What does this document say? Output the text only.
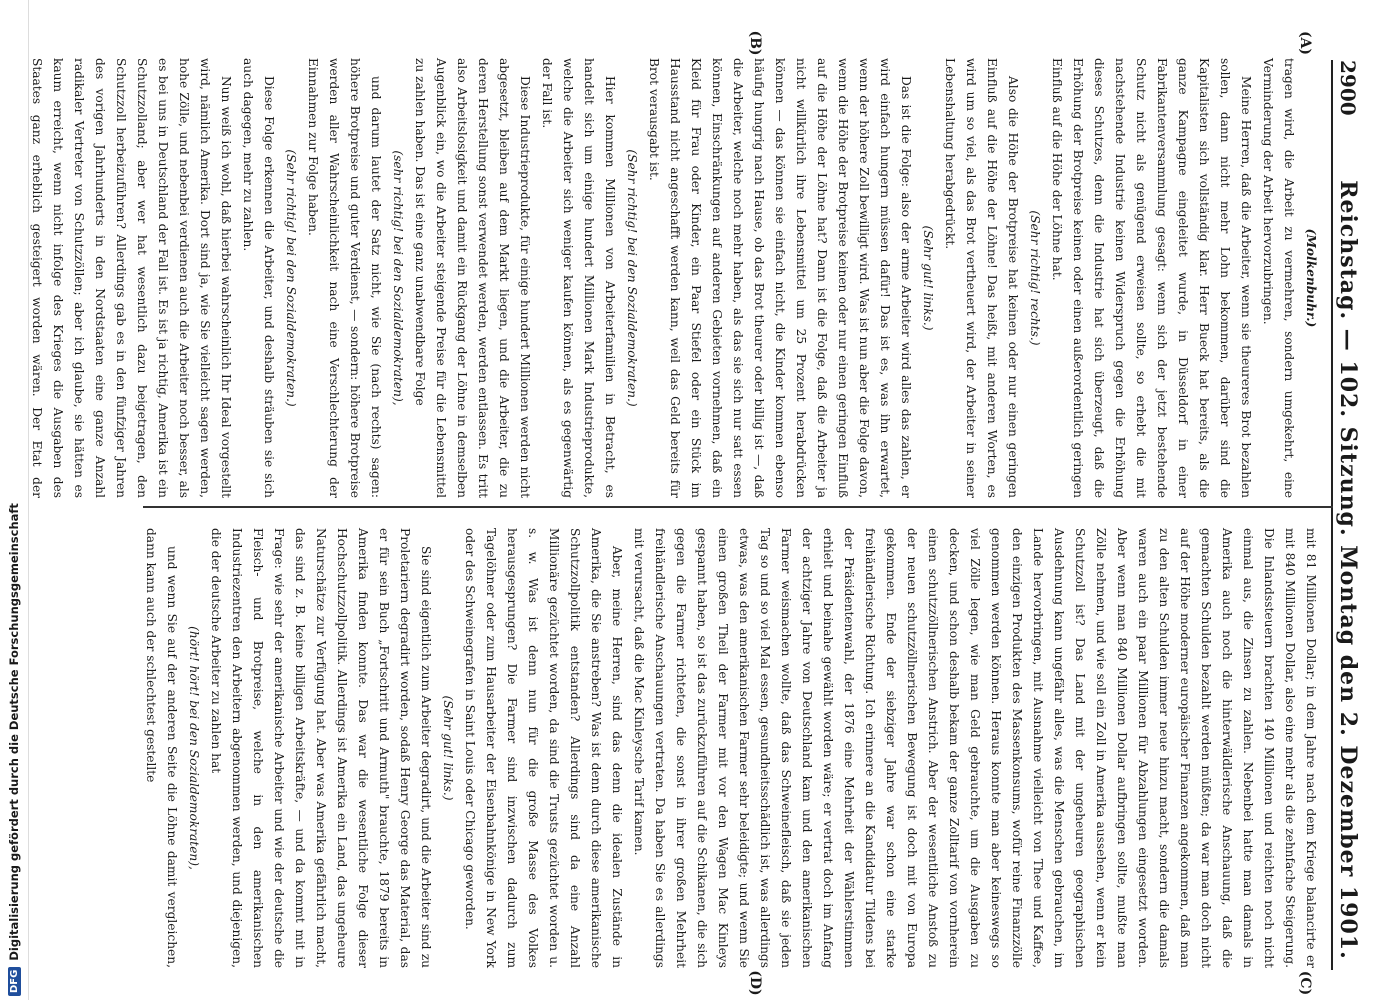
2900
Reichstag. — 102. Sitzung. Montag den 2. Dezember 1901.
(A)
(B)
(C)
(D)

(Molkenbuhr.)

tragen wird, die Arbeit zu vermehren, sondern umgekehrt, eine Verminderung der Arbeit hervorzubringen.

Meine Herren, daß die Arbeiter, wenn sie theureres Brot bezahlen sollen, dann nicht mehr Lohn bekommen, darüber sind die Kapitalisten sich vollständig klar. Herr Bueck hat bereits, als die ganze Kampagne eingeleitet wurde, in Düsseldorf in einer Fabrikantenversammlung gesagt: wenn sich der jetzt bestehende Schutz nicht als genügend erweisen sollte, so erhebt die mit nachstehende Industrie keinen Widerspruch gegen die Erhöhung dieses Schutzes, denn die Industrie hat sich überzeugt, daß die Erhöhung der Brotpreise keinen oder einen außerordentlich geringen Einfluß auf die Höhe der Löhne hat.

(Sehr richtig! rechts.)

Also die Höhe der Brotpreise hat keinen oder nur einen geringen Einfluß auf die Höhe der Löhne! Das heißt, mit anderen Worten, es wird um so viel, als das Brot vertheuert wird, der Arbeiter in seiner Lebenshaltung herabgedrückt.

(Sehr gut! links.)

Das ist die Folge: also der arme Arbeiter wird alles das zahlen, er wird einfach hungern müssen dafür! Das ist es, was ihn erwartet, wenn der höhere Zoll bewilligt wird. Was ist nun aber die Folge davon, wenn die Höhe der Brotpreise keinen oder nur einen geringen Einfluß auf die Höhe der Löhne hat? Dann ist die Folge, daß die Arbeiter ja nicht willkürlich ihre Lebensmittel um 25 Prozent herabdrücken können — das können sie einfach nicht, die Kinder kommen ebenso häufig hungrig nach Hause, ob das Brot theurer oder billig ist —, daß die Arbeiter, welche noch mehr haben, als das sie sich nur satt essen können, Einschränkungen auf anderen Gebieten vornehmen, daß ein Kleid für Frau oder Kinder, ein Paar Stiefel oder ein Stück im Hausstand nicht angeschafft werden kann, weil das Geld bereits für Brot verausgabt ist.

(Sehr richtig! bei den Sozialdemokraten.)

Hier kommen Millionen von Arbeiterfamilien in Betracht, es handelt sich um einige hundert Millionen Mark Industrieprodukte, welche die Arbeiter sich weniger kaufen können, als es gegenwärtig der Fall ist.

Diese Industrieprodukte, für einige hundert Millionen werden nicht abgesetzt, bleiben auf dem Markt liegen, und die Arbeiter, die zu deren Herstellung sonst verwendet werden, werden entlassen. Es tritt also Arbeitslosigkeit und damit ein Rückgang der Löhne in demselben Augenblick ein, wo die Arbeiter steigende Preise für die Lebensmittel zu zahlen haben. Das ist eine ganz unabwendbare Folge

(sehr richtig! bei den Sozialdemokraten),

und darum lautet der Satz nicht, wie Sie (nach rechts) sagen: höhere Brotpreise und guter Verdienst, — sondern: höhere Brotpreise werden aller Wahrscheinlichkeit nach eine Verschlechterung der Einnahmen zur Folge haben.

(Sehr richtig! bei den Sozialdemokraten.)

Diese Folge erkennen die Arbeiter, und deshalb sträuben sie sich auch dagegen, mehr zu zahlen.

Nun weiß ich wohl, daß hierbei wahrscheinlich Ihr Ideal vorgestellt wird, nämlich Amerika. Dort sind ja, wie Sie vielleicht sagen werden, hohe Zölle, und nebenbei verdienen auch die Arbeiter noch besser, als es bei uns in Deutschland der Fall ist. Es ist ja richtig, Amerika ist ein Schutzzolland; aber wer hat wesentlich dazu beigetragen, den Schutzzoll herbeizuführen? Allerdings gab es in den fünfziger Jahren des vorigen Jahrhunderts in den Nordstaaten eine ganze Anzahl radikaler Vertreter von Schutzzöllen; aber ich glaube, sie hätten es kaum erreicht, wenn nicht infolge des Krieges die Ausgaben des Staates ganz erheblich gesteigert worden wären. Der Etat der

mit 81 Millionen Dollar; in dem Jahre nach dem Kriege balancirte er mit 840 Millionen Dollar, also eine mehr als die zehnfache Steigerung. Die Inlandssteuern brachten 140 Millionen und reichten noch nicht einmal aus, die Zinsen zu zahlen. Nebenbei hatte man damals in Amerika auch noch die hinterwäldlerische Anschauung, daß die gemachten Schulden bezahlt werden müßten; da war man doch nicht auf der Höhe moderner europäischer Finanzen angekommen, daß man zu den alten Schulden immer neue hinzu macht, sondern die damals waren auch ein paar Millionen für Abzahlungen eingesetzt worden. Aber wenn man 840 Millionen Dollar aufbringen sollte, mußte man Zölle nehmen, und wie soll ein Zoll in Amerika aussehen, wenn er kein Schutzzoll ist? Das Land mit der ungeheuren geographischen Ausdehnung kann ungefähr alles, was die Menschen gebrauchen, im Lande hervorbringen, mit Ausnahme vielleicht von Thee und Kaffee, den einzigen Produkten des Massenkonsums, wofür reine Finanzzölle genommen werden können. Heraus konnte man aber keineswegs so viel Zölle legen, wie man Geld gebrauchte, um die Ausgaben zu decken, und schon deshalb bekam der ganze Zolltarif von vornherein einen schutzzöllnerischen Anstrich. Aber der wesentliche Anstoß zu der neuen schutzzöllnerischen Bewegung ist doch mit von Europa gekommen. Ende der siebziger Jahre war schon eine starke freihändlerische Richtung. Ich erinnere an die Kandidatur Tildens bei der Präsidentenwahl, der 1876 eine Mehrheit der Wählerstimmen erhielt und beinahe gewählt worden wäre; er vertrat doch im Anfang der achtziger Jahre von Deutschland kam und den amerikanischen Farmer weismachen wollte, daß das Schweinefleisch, daß sie jeden Tag so und so viel Mal essen, gesundheitsschädlich ist, was allerdings etwas, was den amerikanischen Farmer sehr beleidigte; und wenn Sie einen großen Theil der Farmer mit vor den Wagen Mac Kinleys gespannt haben, so ist das zurückzuführen auf die Schikanen, die sich gegen die Farmer richteten, die sonst in ihrer großen Mehrheit freihändlerische Anschauungen vertraten. Da haben Sie es allerdings mit verursacht, daß die Mac Kinleysche Tarif kamen.

Aber, meine Herren, sind das denn die idealen Zustände in Amerika, die Sie anstreben? Was ist denn durch diese amerikanische Schutzzollpolitik entstanden? Allerdings sind da eine Anzahl Millionäre gezüchtet worden, da sind die Trusts gezüchtet worden u. s. w. Was ist denn nun für die große Masse des Volkes herausgesprungen? Die Farmer sind inzwischen dadurch zum Tagelöhner oder zum Hausarbeiter der Eisenbahnkönige in New York oder des Schweinegrafen in Saint Louis oder Chicago geworden.

(Sehr gut! links.)

Sie sind eigentlich zum Arbeiter degradirt, und die Arbeiter sind zu Proletariern degradirt worden, sodaß Henry George das Material, das er für sein Buch „Fortschritt und Armuth" brauchte, 1879 bereits in Amerika finden konnte. Das war die wesentliche Folge dieser Hochschutzzollpolitik. Allerdings ist Amerika ein Land, das ungeheure Naturschätze zur Verfügung hat. Aber was Amerika gefährlich macht, das sind z. B. keine billigen Arbeitskräfte, — und da kommt mit in Frage: wie sehr der amerikanische Arbeiter und wie der deutsche die Fleisch- und Brotpreise, welche in den amerikanischen Industriezentren den Arbeitern abgenommen werden, und diejenigen, die der deutsche Arbeiter zu zahlen hat

(hört! hört! bei den Sozialdemokraten),

und wenn Sie auf der anderen Seite die Löhne damit vergleichen, dann kann auch der schlechtest gestellte

DFG
Digitalisierung gefördert durch die Deutsche Forschungsgemeinschaft
